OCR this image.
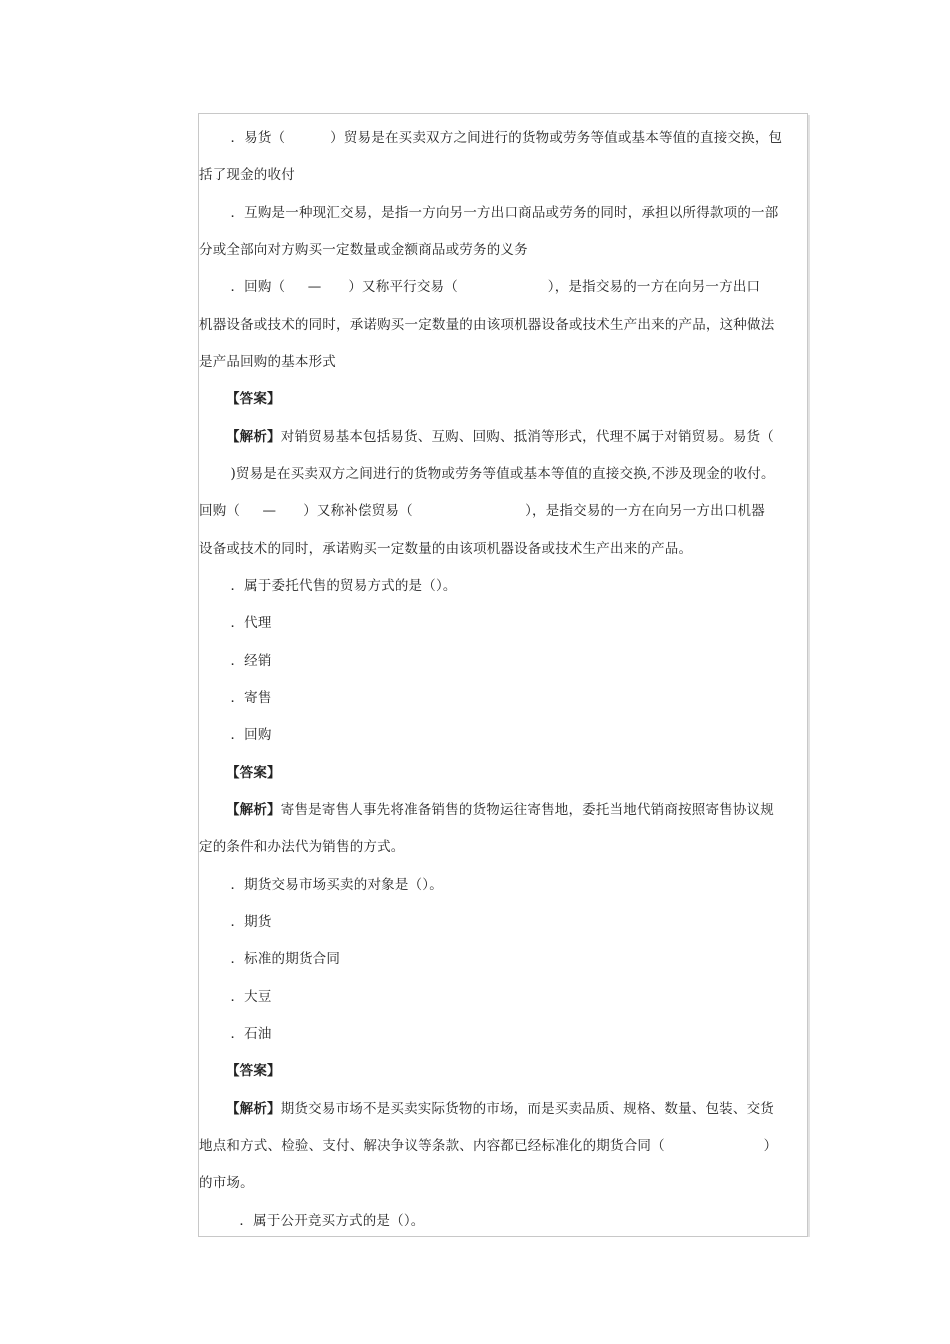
．易货（          ）贸易是在买卖双方之间进行的货物或劳务等值或基本等值的直接交换，包
括了现金的收付
．互购是一种现汇交易，是指一方向另一方出口商品或劳务的同时，承担以所得款项的一部
分或全部向对方购买一定数量或金额商品或劳务的义务
．回购（     —      ）又称平行交易（                    ），是指交易的一方在向另一方出口
机器设备或技术的同时，承诺购买一定数量的由该项机器设备或技术生产出来的产品，这种做法
是产品回购的基本形式
【答案】
【解析】对销贸易基本包括易货、互购、回购、抵消等形式，代理不属于对销贸易。易货（
)贸易是在买卖双方之间进行的货物或劳务等值或基本等值的直接交换,不涉及现金的收付。
回购（     —      ）又称补偿贸易（                         ），是指交易的一方在向另一方出口机器
设备或技术的同时，承诺购买一定数量的由该项机器设备或技术生产出来的产品。
．属于委托代售的贸易方式的是（）。
．代理
．经销
．寄售
．回购
【答案】
【解析】寄售是寄售人事先将准备销售的货物运往寄售地，委托当地代销商按照寄售协议规
定的条件和办法代为销售的方式。
．期货交易市场买卖的对象是（）。
．期货
．标准的期货合同
．大豆
．石油
【答案】
【解析】期货交易市场不是买卖实际货物的市场，而是买卖品质、规格、数量、包装、交货
地点和方式、检验、支付、解决争议等条款、内容都已经标准化的期货合同（                      ）
的市场。
．属于公开竞买方式的是（）。
